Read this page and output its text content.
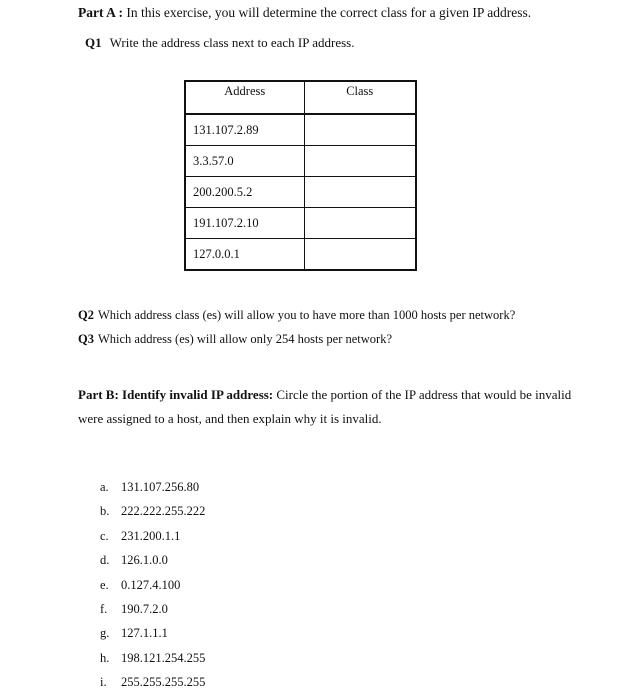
Part A : In this exercise, you will determine the correct class for a given IP address.
Q1 Write the address class next to each IP address.
Address	Class
131.107.2.89	
3.3.57.0	
200.200.5.2	
191.107.2.10	
127.0.0.1	
Q2 Which address class (es) will allow you to have more than 1000 hosts per network?
Q3 Which address (es) will allow only 254 hosts per network?
Part B: Identify invalid IP address: Circle the portion of the IP address that would be invalid
were assigned to a host, and then explain why it is invalid.
a. 131.107.256.80
b. 222.222.255.222
c. 231.200.1.1
d. 126.1.0.0
e. 0.127.4.100
f. 190.7.2.0
g. 127.1.1.1
h. 198.121.254.255
i. 255.255.255.255
